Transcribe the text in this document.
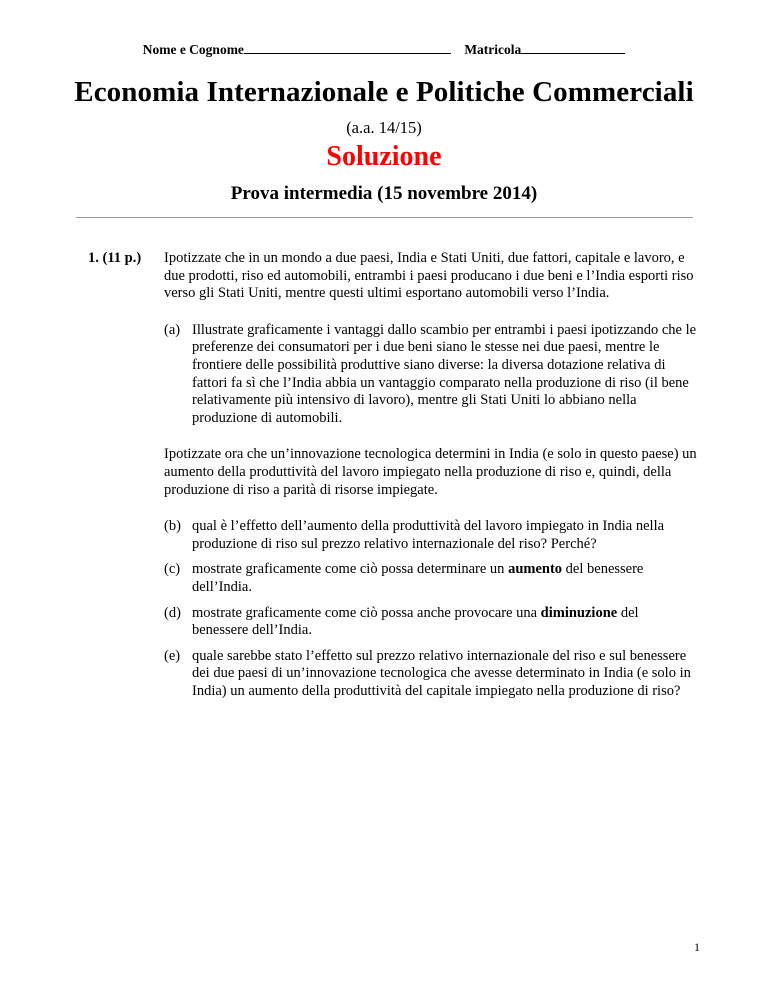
Nome e Cognome	Matricola
Economia Internazionale e Politiche Commerciali
(a.a. 14/15)
Soluzione
Prova intermedia (15 novembre 2014)
1. (11 p.) Ipotizzate che in un mondo a due paesi, India e Stati Uniti, due fattori, capitale e lavoro, e due prodotti, riso ed automobili, entrambi i paesi producano i due beni e l’India esporti riso verso gli Stati Uniti, mentre questi ultimi esportano automobili verso l’India.
(a) Illustrate graficamente i vantaggi dallo scambio per entrambi i paesi ipotizzando che le preferenze dei consumatori per i due beni siano le stesse nei due paesi, mentre le frontiere delle possibilità produttive siano diverse: la diversa dotazione relativa di fattori fa sì che l’India abbia un vantaggio comparato nella produzione di riso (il bene relativamente più intensivo di lavoro), mentre gli Stati Uniti lo abbiano nella produzione di automobili.
Ipotizzate ora che un’innovazione tecnologica determini in India (e solo in questo paese) un aumento della produttività del lavoro impiegato nella produzione di riso e, quindi, della produzione di riso a parità di risorse impiegate.
(b) qual è l’effetto dell’aumento della produttività del lavoro impiegato in India nella produzione di riso sul prezzo relativo internazionale del riso? Perché?
(c) mostrate graficamente come ciò possa determinare un aumento del benessere dell’India.
(d) mostrate graficamente come ciò possa anche provocare una diminuzione del benessere dell’India.
(e) quale sarebbe stato l’effetto sul prezzo relativo internazionale del riso e sul benessere dei due paesi di un’innovazione tecnologica che avesse determinato in India (e solo in India) un aumento della produttività del capitale impiegato nella produzione di riso?
1
